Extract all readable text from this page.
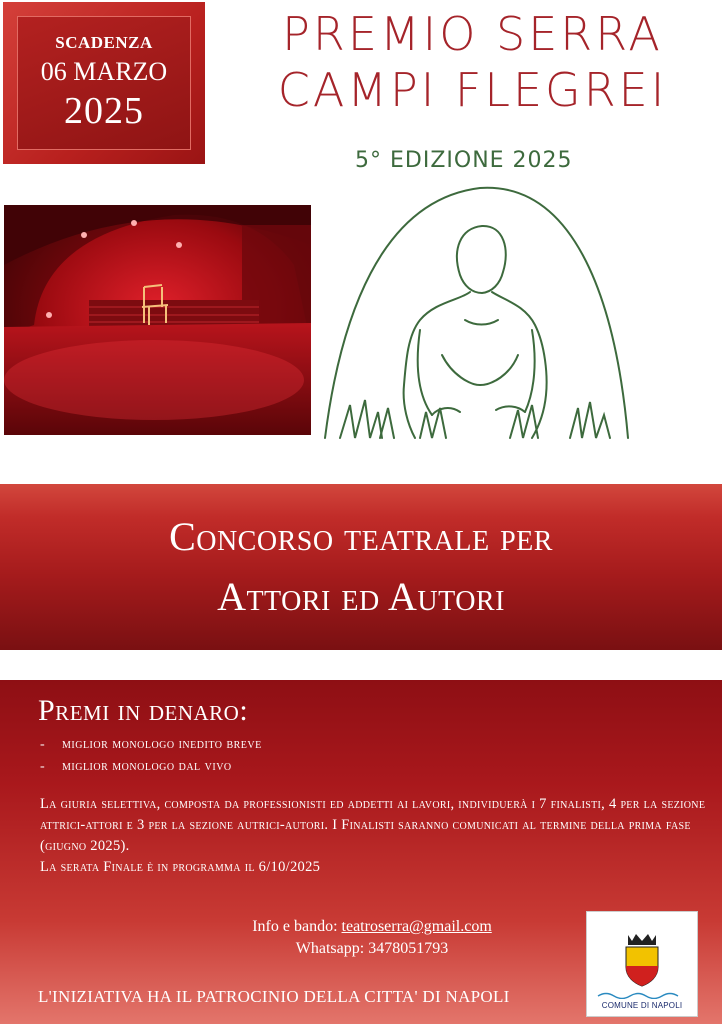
SCADENZA
06 MARZO
2025
PREMIO SERRA
CAMPI FLEGREI
5° EDIZIONE 2025
Concorso teatrale per
Attori ed Autori
Premi in denaro:
- miglior monologo inedito breve
- miglior monologo dal vivo
La giuria selettiva, composta da professionisti ed addetti ai lavori, individuerà i 7 finalisti, 4 per la sezione attrici-attori e 3 per la sezione autrici-autori. I Finalisti saranno comunicati al termine della prima fase (giugno 2025).
La serata Finale è in programma il 6/10/2025
Info e bando: teatroserra@gmail.com
Whatsapp: 3478051793
L'INIZIATIVA HA IL PATROCINIO DELLA CITTA' DI NAPOLI	COMUNE DI NAPOLI
